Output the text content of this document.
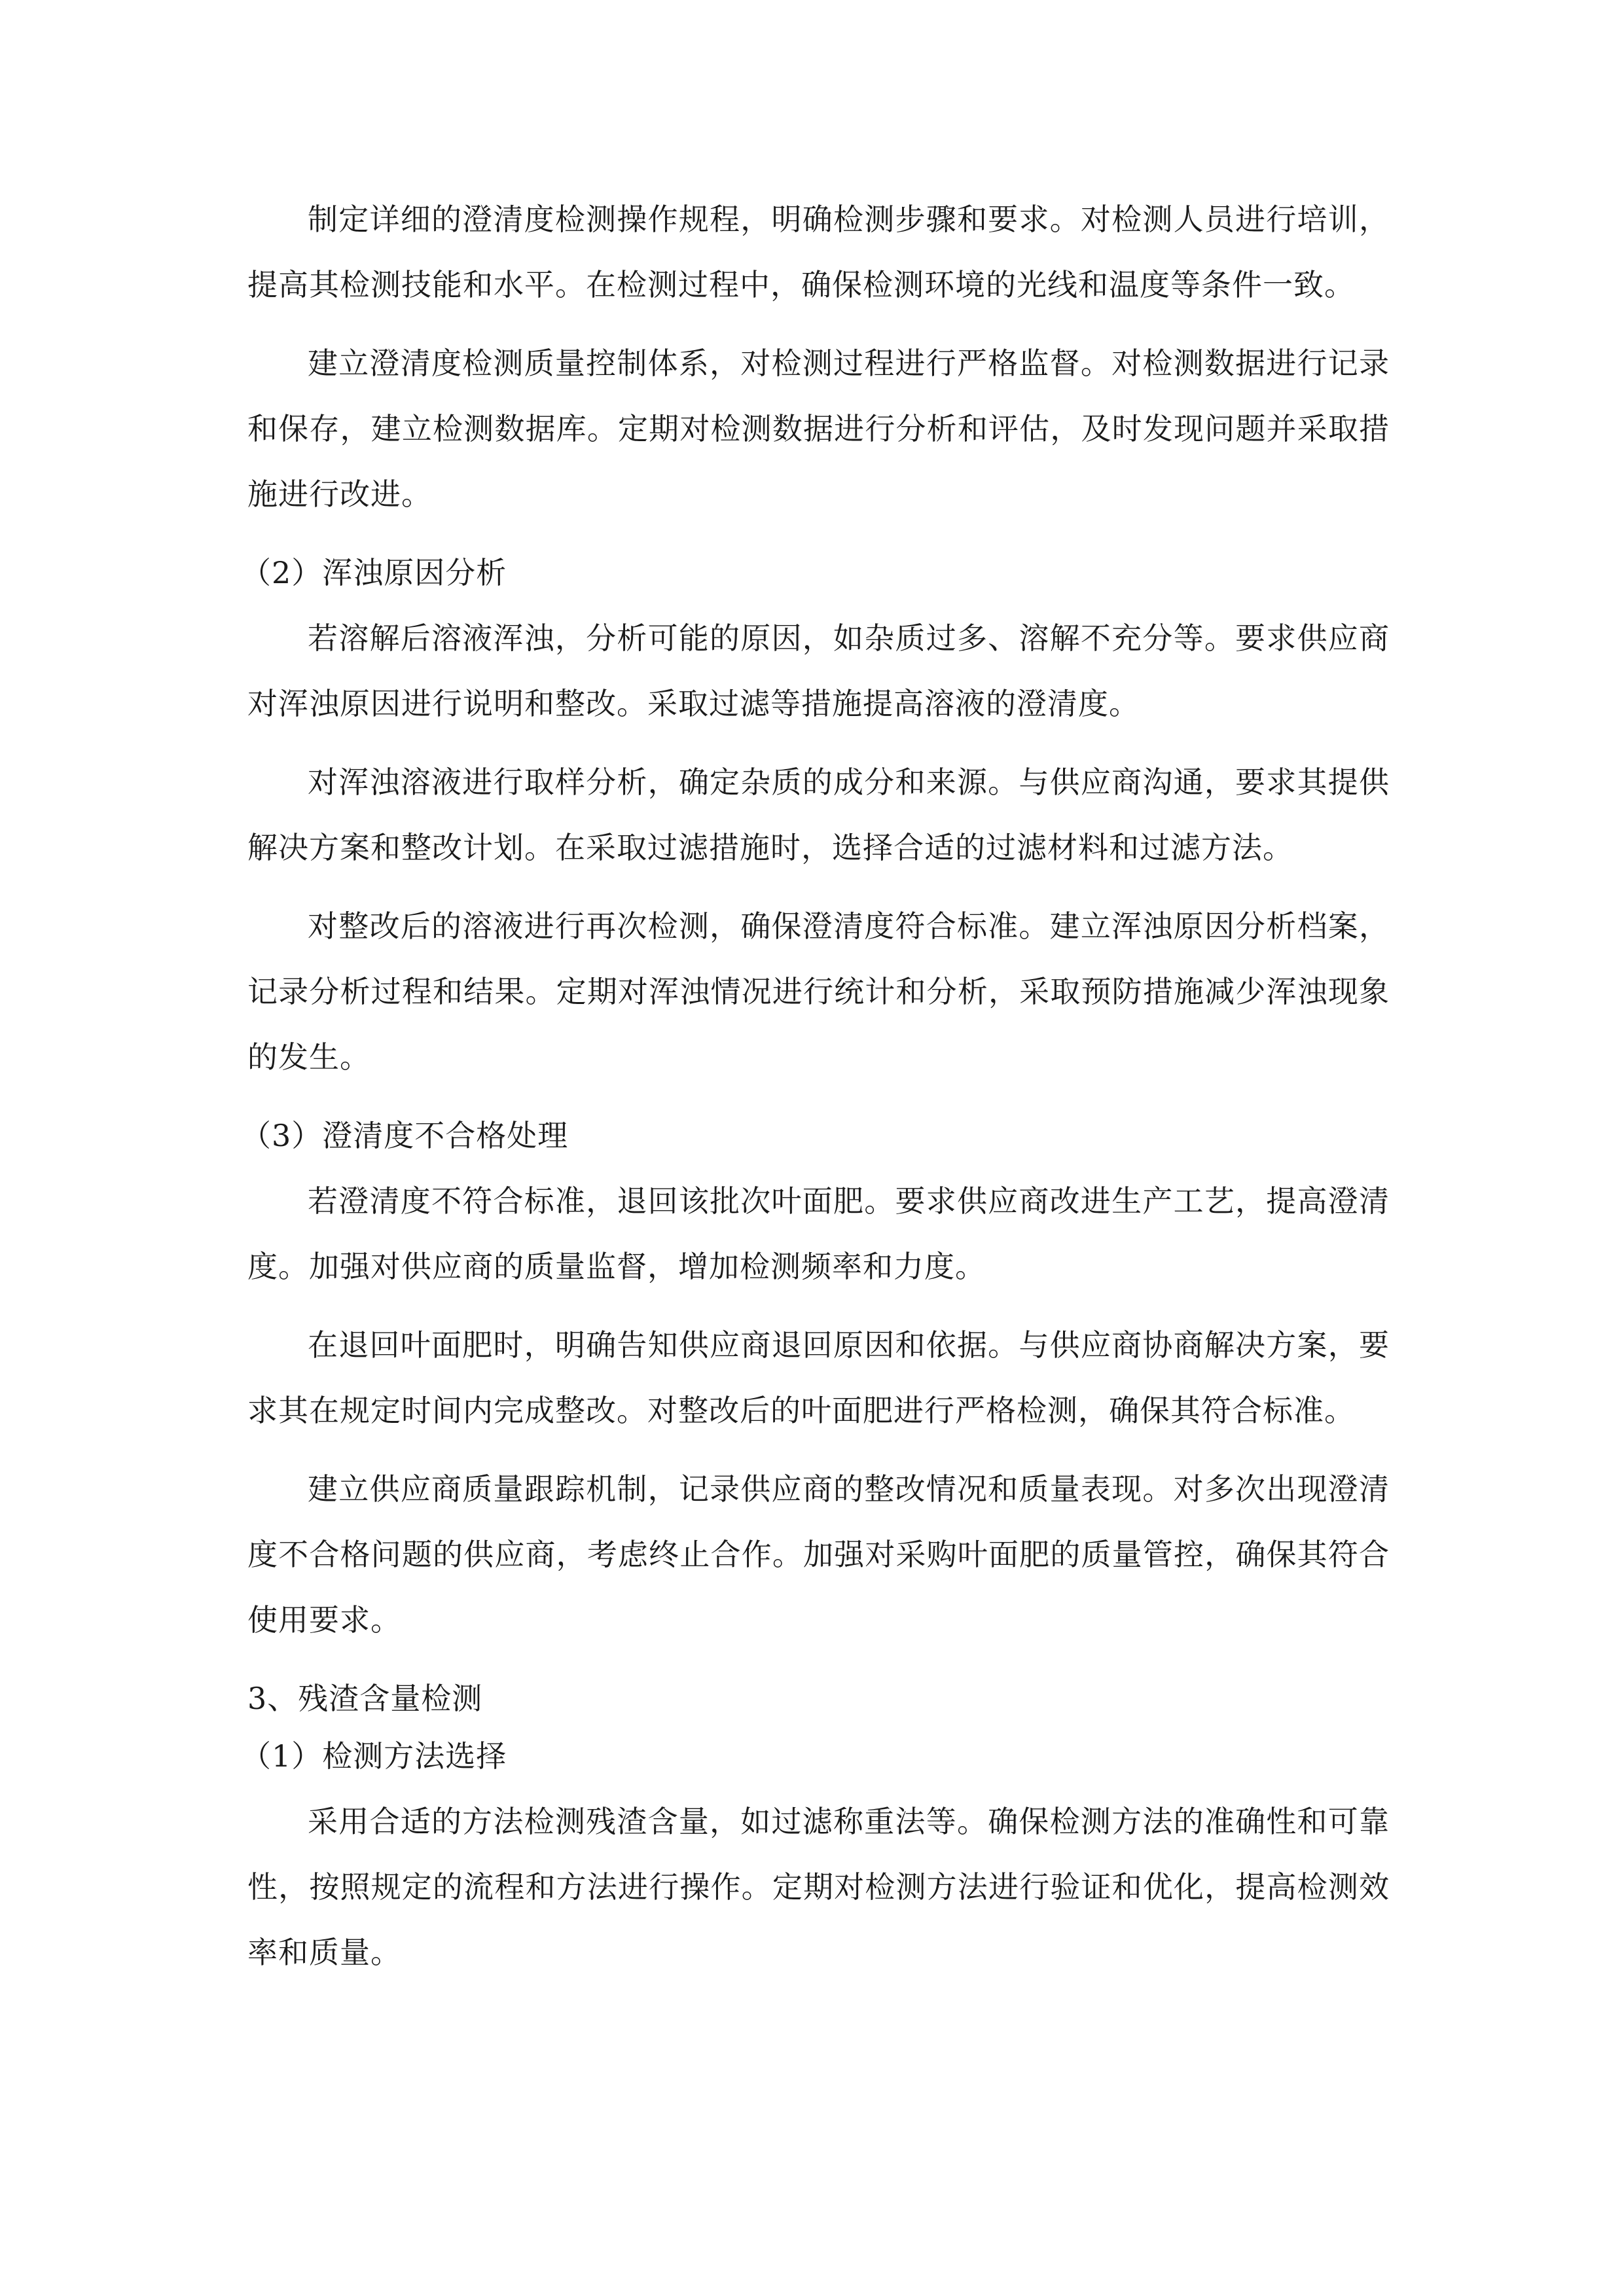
制定详细的澄清度检测操作规程，明确检测步骤和要求。对检测人员进行培训，提高其检测技能和水平。在检测过程中，确保检测环境的光线和温度等条件一致。

建立澄清度检测质量控制体系，对检测过程进行严格监督。对检测数据进行记录和保存，建立检测数据库。定期对检测数据进行分析和评估，及时发现问题并采取措施进行改进。

（2）浑浊原因分析

若溶解后溶液浑浊，分析可能的原因，如杂质过多、溶解不充分等。要求供应商对浑浊原因进行说明和整改。采取过滤等措施提高溶液的澄清度。

对浑浊溶液进行取样分析，确定杂质的成分和来源。与供应商沟通，要求其提供解决方案和整改计划。在采取过滤措施时，选择合适的过滤材料和过滤方法。

对整改后的溶液进行再次检测，确保澄清度符合标准。建立浑浊原因分析档案，记录分析过程和结果。定期对浑浊情况进行统计和分析，采取预防措施减少浑浊现象的发生。

（3）澄清度不合格处理

若澄清度不符合标准，退回该批次叶面肥。要求供应商改进生产工艺，提高澄清度。加强对供应商的质量监督，增加检测频率和力度。

在退回叶面肥时，明确告知供应商退回原因和依据。与供应商协商解决方案，要求其在规定时间内完成整改。对整改后的叶面肥进行严格检测，确保其符合标准。

建立供应商质量跟踪机制，记录供应商的整改情况和质量表现。对多次出现澄清度不合格问题的供应商，考虑终止合作。加强对采购叶面肥的质量管控，确保其符合使用要求。

3、残渣含量检测

（1）检测方法选择

采用合适的方法检测残渣含量，如过滤称重法等。确保检测方法的准确性和可靠性，按照规定的流程和方法进行操作。定期对检测方法进行验证和优化，提高检测效率和质量。
